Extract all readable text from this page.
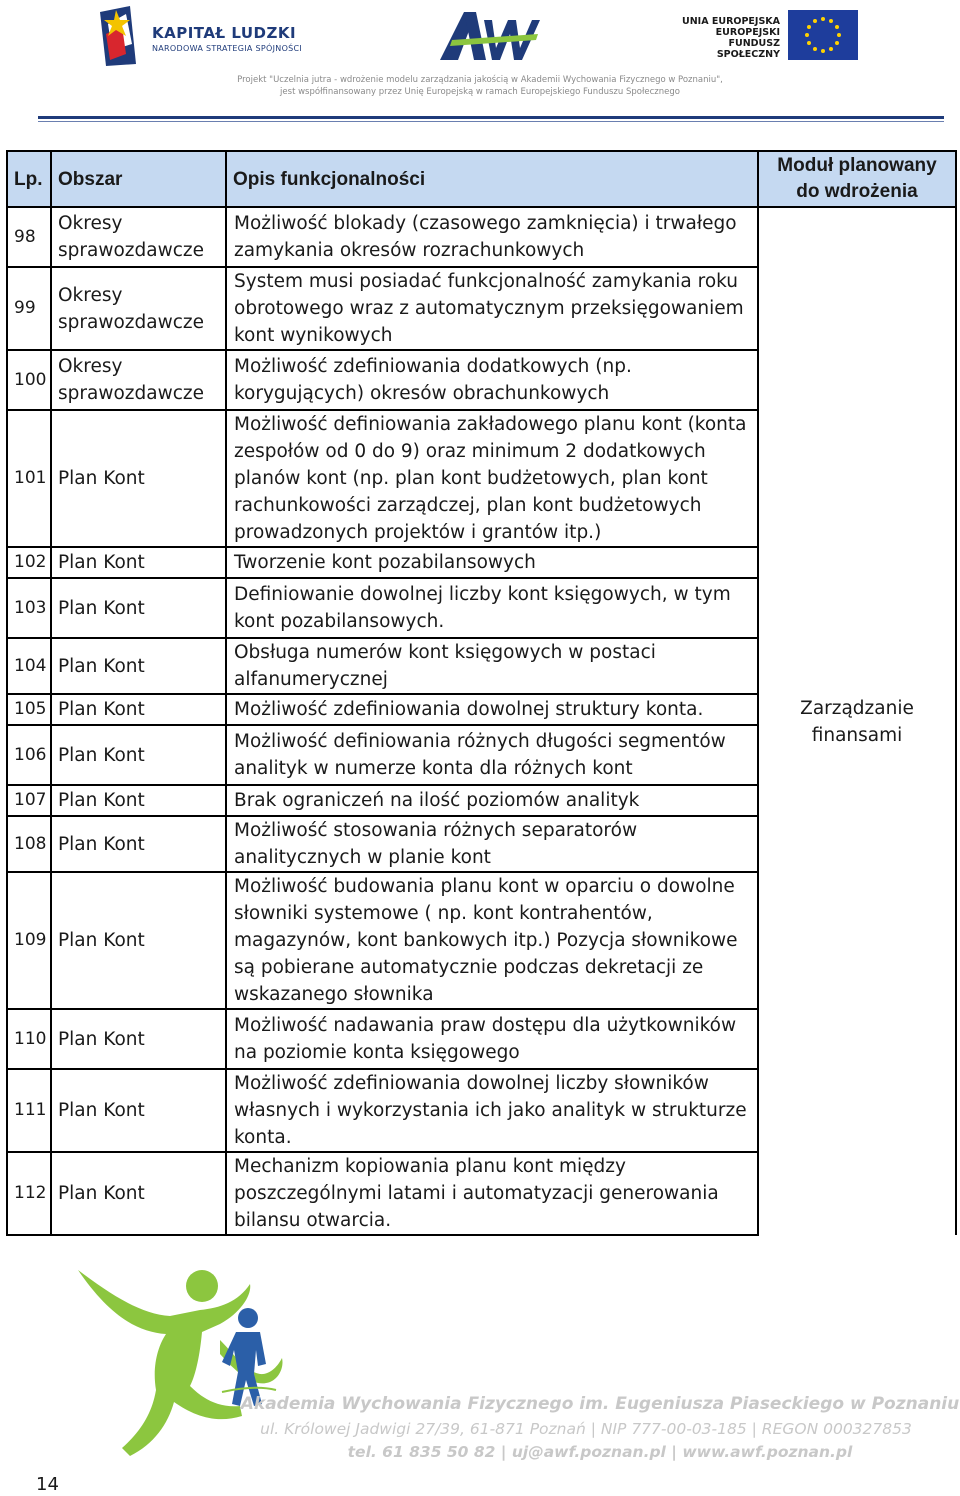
KAPITAŁ LUDZKI
NARODOWA STRATEGIA SPÓJNOŚCI
UNIA EUROPEJSKA
EUROPEJSKI
FUNDUSZ SPOŁECZNY
Projekt "Uczelnia jutra - wdrożenie modelu zarządzania jakością w Akademii Wychowania Fizycznego w Poznaniu",
jest współfinansowany przez Unię Europejską w ramach Europejskiego Funduszu Społecznego
Lp.	Obszar	Opis funkcjonalności	Moduł planowany
do wdrożenia

98	Okresy sprawozdawcze	Możliwość blokady (czasowego zamknięcia) i trwałego zamykania okresów rozrachunkowych	Zarządzanie
finansami

99	Okresy sprawozdawcze	System musi posiadać funkcjonalność zamykania roku obrotowego wraz z automatycznym przeksięgowaniem kont wynikowych	
100	Okresy sprawozdawcze	Możliwość zdefiniowania dodatkowych (np. korygujących) okresów obrachunkowych	
101	Plan Kont	Możliwość definiowania zakładowego planu kont (konta zespołów od 0 do 9) oraz minimum 2 dodatkowych planów kont (np. plan kont budżetowych, plan kont rachunkowości zarządczej, plan kont budżetowych prowadzonych projektów i grantów itp.)	
102	Plan Kont	Tworzenie kont pozabilansowych	
103	Plan Kont	Definiowanie dowolnej liczby kont księgowych, w tym kont pozabilansowych.	
104	Plan Kont	Obsługa numerów kont księgowych w postaci alfanumerycznej	
105	Plan Kont	Możliwość zdefiniowania dowolnej struktury konta.	
106	Plan Kont	Możliwość definiowania różnych długości segmentów analityk w numerze konta dla różnych kont	
107	Plan Kont	Brak ograniczeń na ilość poziomów analityk	
108	Plan Kont	Możliwość stosowania różnych separatorów analitycznych w planie kont	
109	Plan Kont	Możliwość budowania planu kont w oparciu o dowolne słowniki systemowe ( np. kont kontrahentów, magazynów, kont bankowych itp.) Pozycja słownikowe są pobierane automatycznie podczas dekretacji ze wskazanego słownika	
110	Plan Kont	Możliwość nadawania praw dostępu dla użytkowników na poziomie konta księgowego	
111	Plan Kont	Możliwość zdefiniowania dowolnej liczby słowników własnych i wykorzystania ich jako analityk w strukturze konta.	
112	Plan Kont	Mechanizm kopiowania planu kont między poszczególnymi latami i automatyzacji generowania bilansu otwarcia.	
14
Akademia Wychowania Fizycznego im. Eugeniusza Piaseckiego w Poznaniu
ul. Królowej Jadwigi 27/39, 61-871 Poznań | NIP 777-00-03-185 | REGON 000327853
tel. 61 835 50 82 | uj@awf.poznan.pl | www.awf.poznan.pl
